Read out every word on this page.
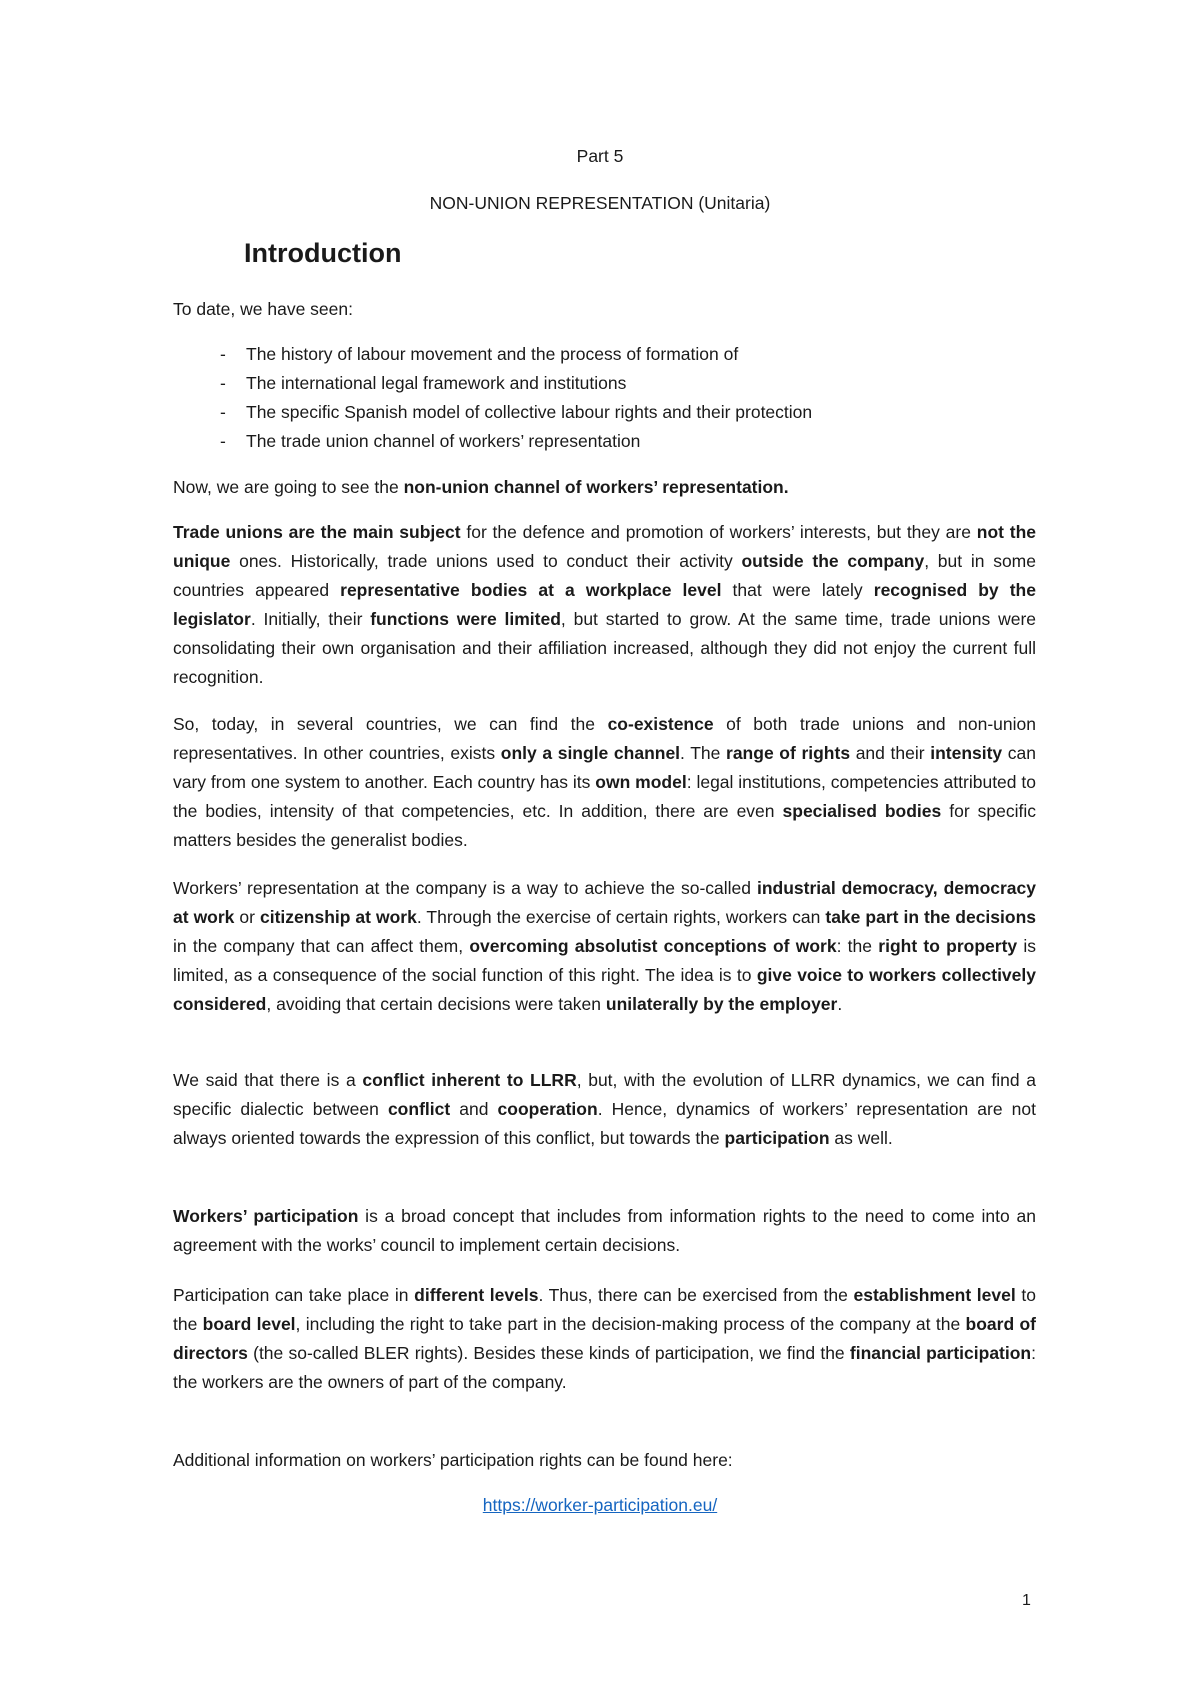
Part 5
NON-UNION REPRESENTATION (Unitaria)
Introduction
To date, we have seen:
- The history of labour movement and the process of formation of
- The international legal framework and institutions
- The specific Spanish model of collective labour rights and their protection
- The trade union channel of workers’ representation

Now, we are going to see the non-union channel of workers’ representation.

Trade unions are the main subject for the defence and promotion of workers’ interests, but they are not the unique ones. Historically, trade unions used to conduct their activity outside the company, but in some countries appeared representative bodies at a workplace level that were lately recognised by the legislator. Initially, their functions were limited, but started to grow. At the same time, trade unions were consolidating their own organisation and their affiliation increased, although they did not enjoy the current full recognition.

So, today, in several countries, we can find the co-existence of both trade unions and non-union representatives. In other countries, exists only a single channel. The range of rights and their intensity can vary from one system to another. Each country has its own model: legal institutions, competencies attributed to the bodies, intensity of that competencies, etc. In addition, there are even specialised bodies for specific matters besides the generalist bodies.

Workers’ representation at the company is a way to achieve the so-called industrial democracy, democracy at work or citizenship at work. Through the exercise of certain rights, workers can take part in the decisions in the company that can affect them, overcoming absolutist conceptions of work: the right to property is limited, as a consequence of the social function of this right. The idea is to give voice to workers collectively considered, avoiding that certain decisions were taken unilaterally by the employer.

We said that there is a conflict inherent to LLRR, but, with the evolution of LLRR dynamics, we can find a specific dialectic between conflict and cooperation. Hence, dynamics of workers’ representation are not always oriented towards the expression of this conflict, but towards the participation as well.

Workers’ participation is a broad concept that includes from information rights to the need to come into an agreement with the works’ council to implement certain decisions.

Participation can take place in different levels. Thus, there can be exercised from the establishment level to the board level, including the right to take part in the decision-making process of the company at the board of directors (the so-called BLER rights). Besides these kinds of participation, we find the financial participation: the workers are the owners of part of the company.

Additional information on workers’ participation rights can be found here:

https://worker-participation.eu/
1
